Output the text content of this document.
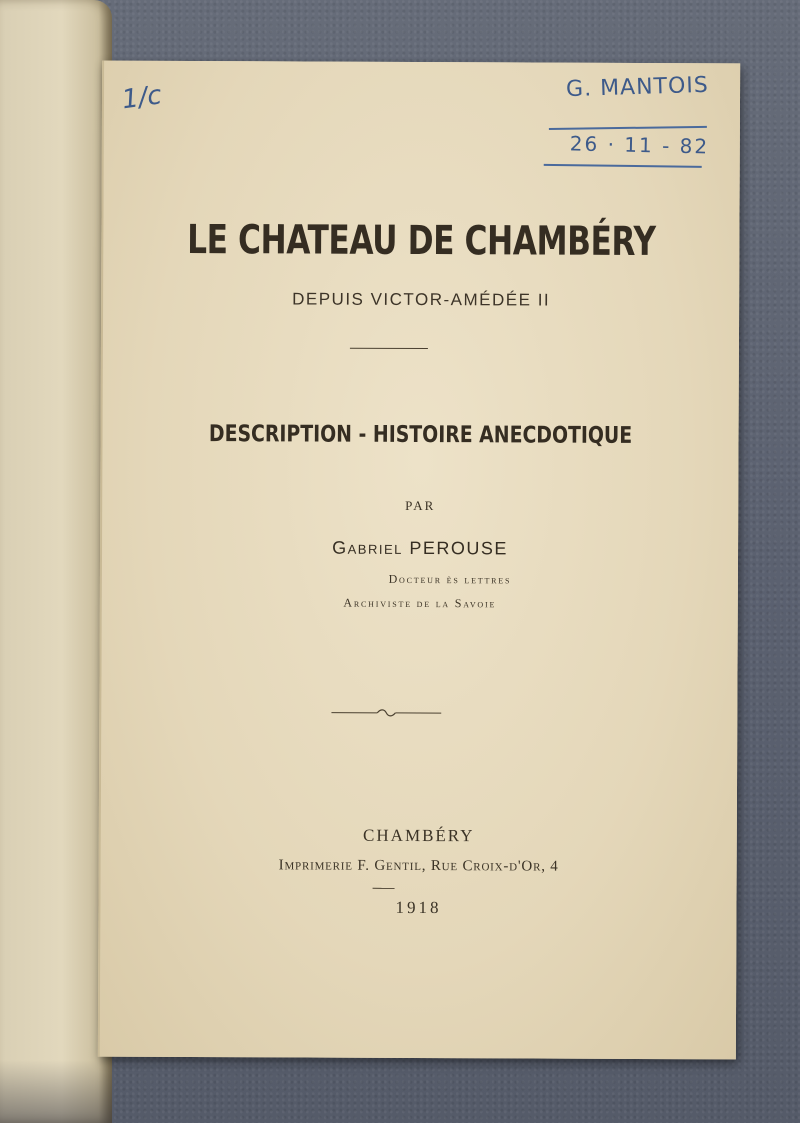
1/c	G. MANTOIS
26 · 11 - 82
LE CHATEAU DE CHAMBÉRY
DEPUIS VICTOR-AMÉDÉE II
DESCRIPTION - HISTOIRE ANECDOTIQUE
PAR
Gabriel PEROUSE
Docteur ès lettres
Archiviste de la Savoie
CHAMBÉRY
Imprimerie F. Gentil, Rue Croix-d'Or, 4
1918
